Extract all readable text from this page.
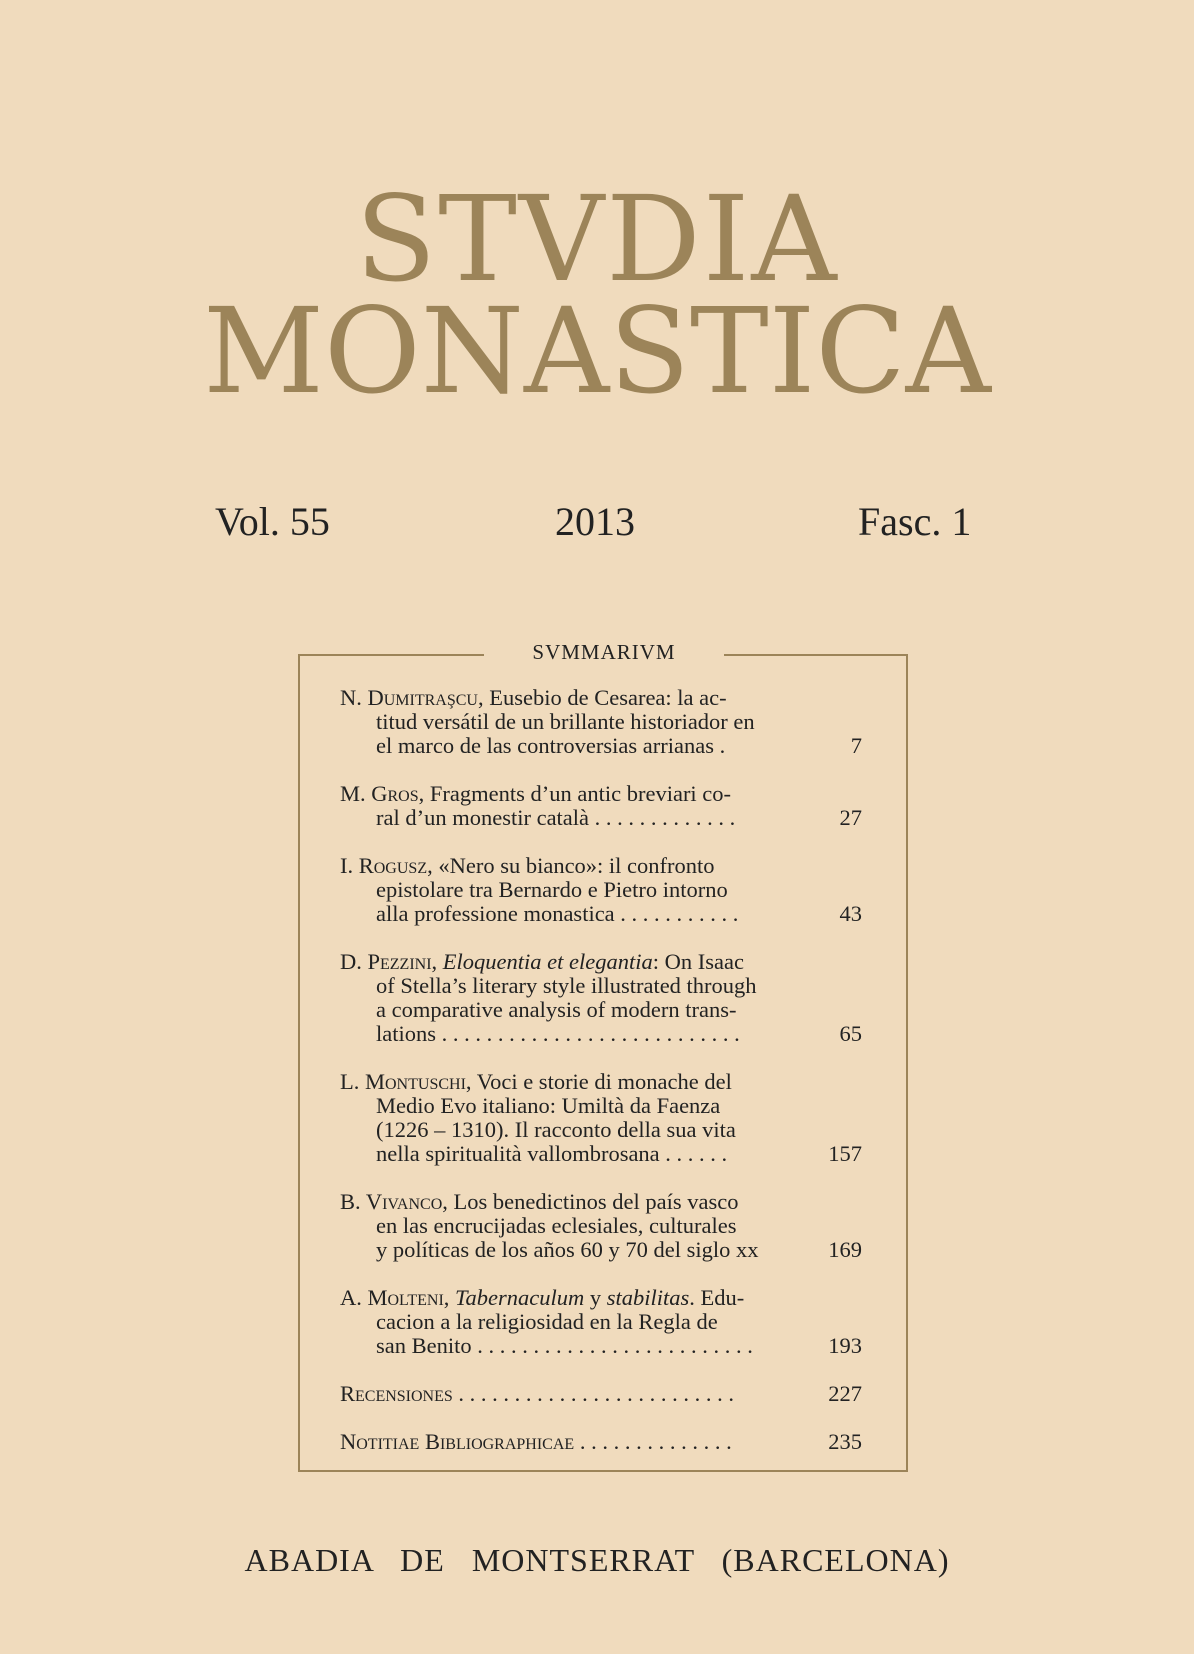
STVDIA
MONASTICA
Vol. 55	2013	Fasc. 1
SVMMARIVM
N. Dumitraşcu, Eusebio de Cesarea: la ac-
titud versátil de un brillante historiador en
el marco de las controversias arrianas .	7
M. Gros, Fragments d’un antic breviari co-
ral d’un monestir català . . . . . . . . . . . . .	27
I. Rogusz, «Nero su bianco»: il confronto
epistolare tra Bernardo e Pietro intorno
alla professione monastica . . . . . . . . . . .	43
D. Pezzini, Eloquentia et elegantia: On Isaac
of Stella’s literary style illustrated through
a comparative analysis of modern trans-
lations . . . . . . . . . . . . . . . . . . . . . . . . . . .	65
L. Montuschi, Voci e storie di monache del
Medio Evo italiano: Umiltà da Faenza
(1226 – 1310). Il racconto della sua vita
nella spiritualità vallombrosana . . . . . .	157
B. Vivanco, Los benedictinos del país vasco
en las encrucijadas eclesiales, culturales
y políticas de los años 60 y 70 del siglo xx	169
A. Molteni, Tabernaculum y stabilitas. Edu-
cacion a la religiosidad en la Regla de
san Benito . . . . . . . . . . . . . . . . . . . . . . . . .	193
Recensiones . . . . . . . . . . . . . . . . . . . . . . . . .	227
Notitiae Bibliographicae . . . . . . . . . . . . . .	235
ABADIA DE MONTSERRAT (BARCELONA)
